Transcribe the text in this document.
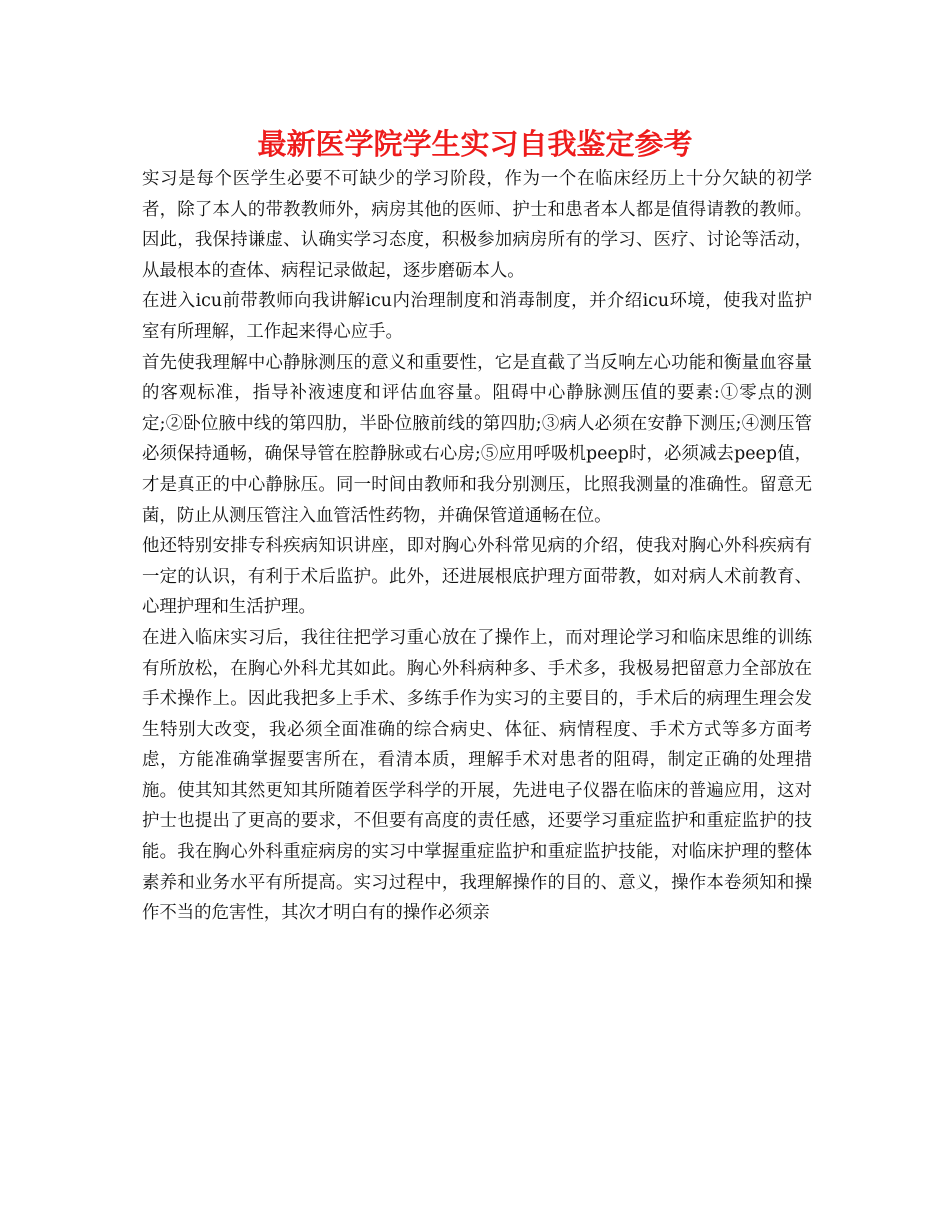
最新医学院学生实习自我鉴定参考

实习是每个医学生必要不可缺少的学习阶段，作为一个在临床经历上十分欠缺的初学者，除了本人的带教教师外，病房其他的医师、护士和患者本人都是值得请教的教师。因此，我保持谦虚、认确实学习态度，积极参加病房所有的学习、医疗、讨论等活动，从最根本的查体、病程记录做起，逐步磨砺本人。

在进入icu前带教师向我讲解icu内治理制度和消毒制度，并介绍icu环境，使我对监护室有所理解，工作起来得心应手。

首先使我理解中心静脉测压的意义和重要性，它是直截了当反响左心功能和衡量血容量的客观标准，指导补液速度和评估血容量。阻碍中心静脉测压值的要素:①零点的测定;②卧位腋中线的第四肋，半卧位腋前线的第四肋;③病人必须在安静下测压;④测压管必须保持通畅，确保导管在腔静脉或右心房;⑤应用呼吸机peep时，必须减去peep值，才是真正的中心静脉压。同一时间由教师和我分别测压，比照我测量的准确性。留意无菌，防止从测压管注入血管活性药物，并确保管道通畅在位。

他还特别安排专科疾病知识讲座，即对胸心外科常见病的介绍，使我对胸心外科疾病有一定的认识，有利于术后监护。此外，还进展根底护理方面带教，如对病人术前教育、心理护理和生活护理。

在进入临床实习后，我往往把学习重心放在了操作上，而对理论学习和临床思维的训练有所放松，在胸心外科尤其如此。胸心外科病种多、手术多，我极易把留意力全部放在手术操作上。因此我把多上手术、多练手作为实习的主要目的，手术后的病理生理会发生特别大改变，我必须全面准确的综合病史、体征、病情程度、手术方式等多方面考虑，方能准确掌握要害所在，看清本质，理解手术对患者的阻碍，制定正确的处理措施。使其知其然更知其所随着医学科学的开展，先进电子仪器在临床的普遍应用，这对护士也提出了更高的要求，不但要有高度的责任感，还要学习重症监护和重症监护的技能。我在胸心外科重症病房的实习中掌握重症监护和重症监护技能，对临床护理的整体素养和业务水平有所提高。实习过程中，我理解操作的目的、意义，操作本卷须知和操作不当的危害性，其次才明白有的操作必须亲
